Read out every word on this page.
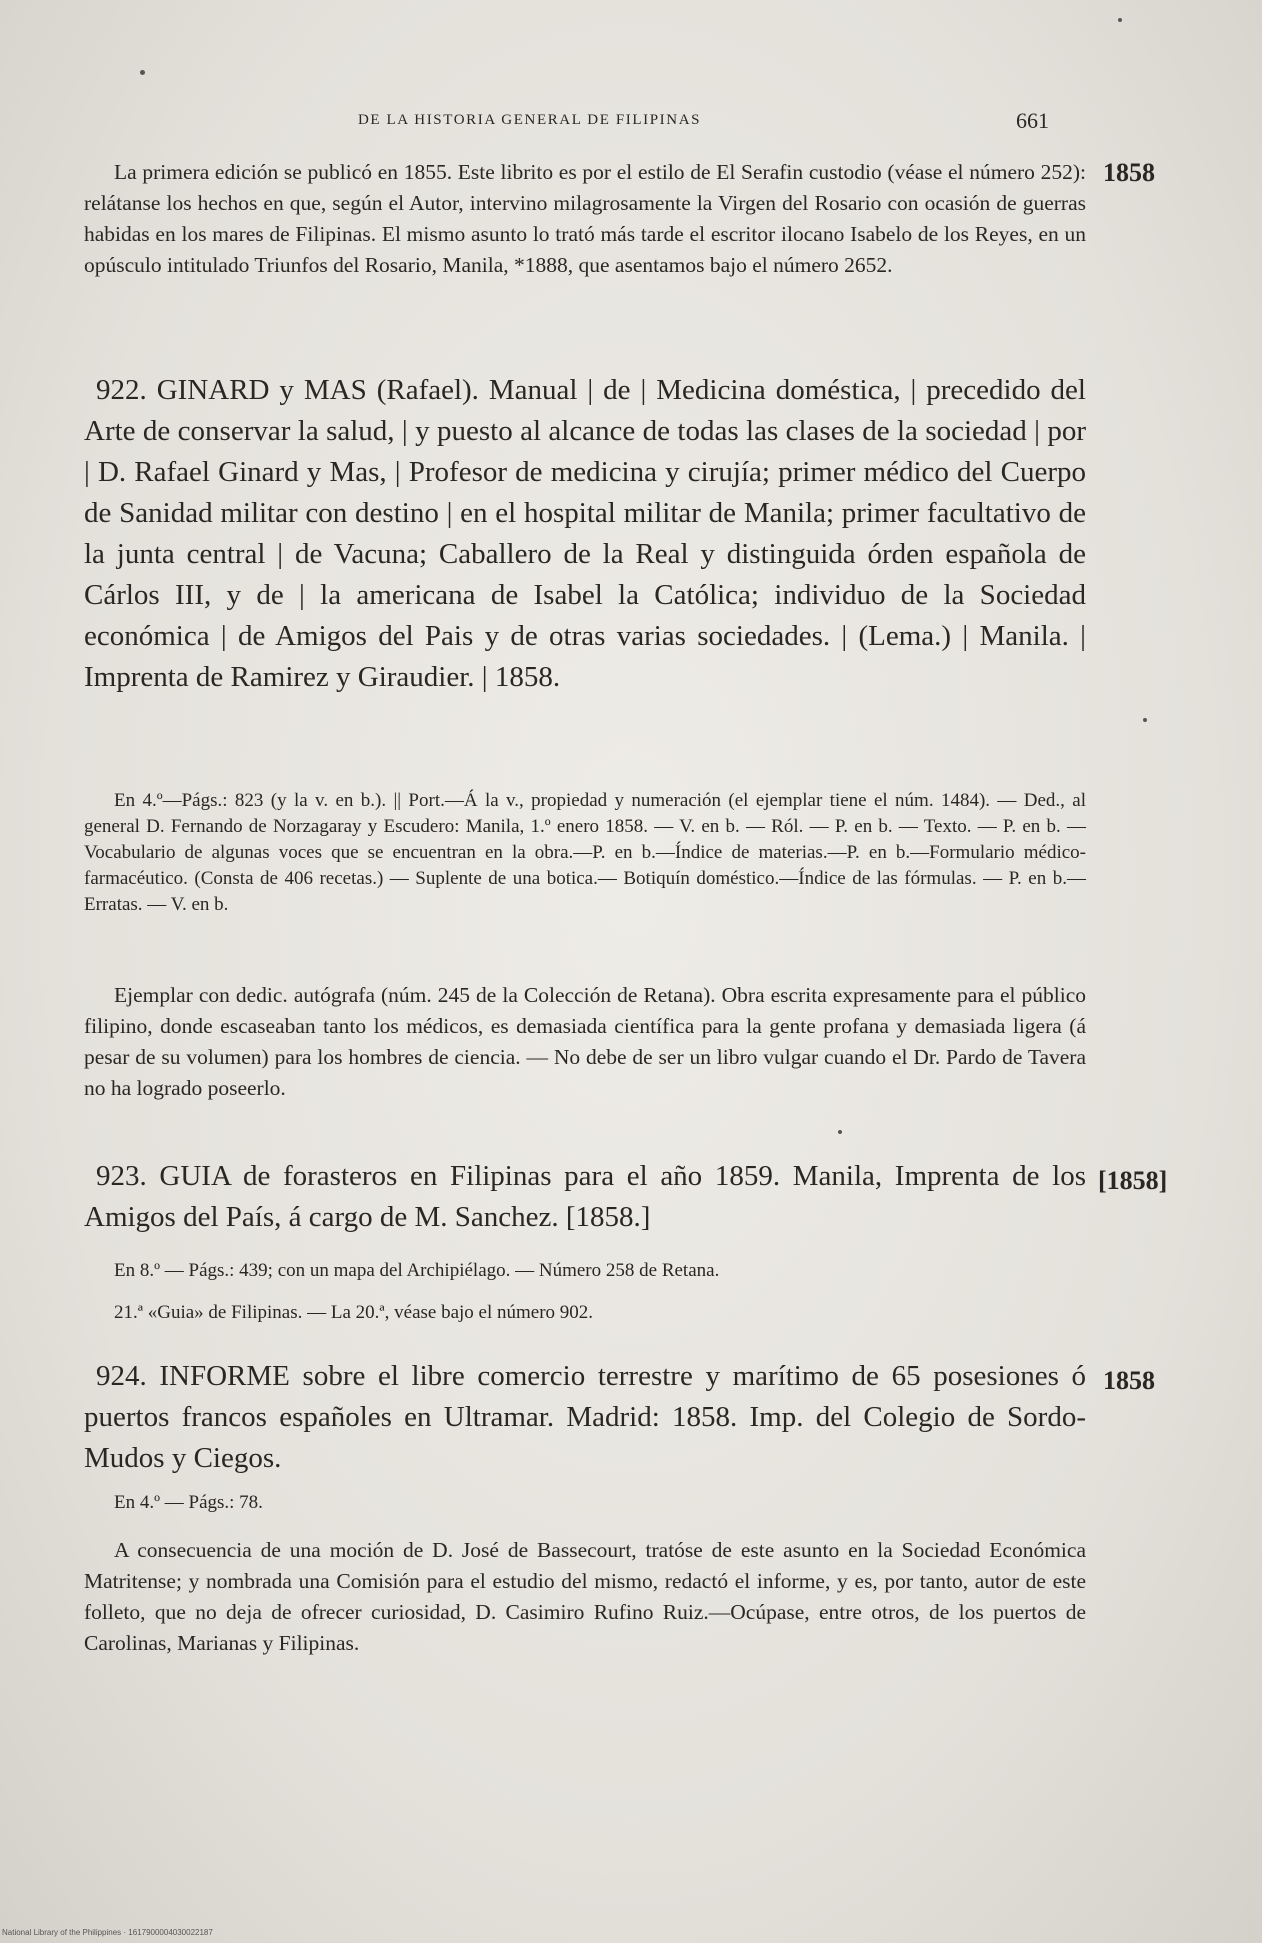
DE LA HISTORIA GENERAL DE FILIPINAS	661
La primera edición se publicó en 1855. Este librito es por el estilo de El Serafin custodio (véase el número 252): relátanse los hechos en que, según el Autor, intervino milagrosamente la Virgen del Rosario con ocasión de guerras habidas en los mares de Filipinas. El mismo asunto lo trató más tarde el escritor ilocano Isabelo de los Reyes, en un opúsculo intitulado Triunfos del Rosario, Manila, *1888, que asentamos bajo el número 2652.
1858
922. GINARD y MAS (Rafael). Manual | de | Medicina doméstica, | precedido del Arte de conservar la salud, | y puesto al alcance de todas las clases de la sociedad | por | D. Rafael Ginard y Mas, | Profesor de medicina y cirujía; primer médico del Cuerpo de Sanidad militar con destino | en el hospital militar de Manila; primer facultativo de la junta central | de Vacuna; Caballero de la Real y distinguida órden española de Cárlos III, y de | la americana de Isabel la Católica; individuo de la Sociedad económica | de Amigos del Pais y de otras varias sociedades. | (Lema.) | Manila. | Imprenta de Ramirez y Giraudier. | 1858.
En 4.º—Págs.: 823 (y la v. en b.). || Port.—Á la v., propiedad y numeración (el ejemplar tiene el núm. 1484). — Ded., al general D. Fernando de Norzagaray y Escudero: Manila, 1.º enero 1858. — V. en b. — Ról. — P. en b. — Texto. — P. en b. — Vocabulario de algunas voces que se encuentran en la obra.—P. en b.—Índice de materias.—P. en b.—Formulario médico-farmacéutico. (Consta de 406 recetas.) — Suplente de una botica.— Botiquín doméstico.—Índice de las fórmulas. — P. en b.—Erratas. — V. en b.
Ejemplar con dedic. autógrafa (núm. 245 de la Colección de Retana). Obra escrita expresamente para el público filipino, donde escaseaban tanto los médicos, es demasiada científica para la gente profana y demasiada ligera (á pesar de su volumen) para los hombres de ciencia. — No debe de ser un libro vulgar cuando el Dr. Pardo de Tavera no ha logrado poseerlo.
923. GUIA de forasteros en Filipinas para el año 1859. Manila, Imprenta de los Amigos del País, á cargo de M. Sanchez. [1858.]
[1858]
En 8.º — Págs.: 439; con un mapa del Archipiélago. — Número 258 de Retana.
21.ª «Guia» de Filipinas. — La 20.ª, véase bajo el número 902.
924. INFORME sobre el libre comercio terrestre y marítimo de 65 posesiones ó puertos francos españoles en Ultramar. Madrid: 1858. Imp. del Colegio de Sordo-Mudos y Ciegos.
1858
En 4.º — Págs.: 78.
A consecuencia de una moción de D. José de Bassecourt, tratóse de este asunto en la Sociedad Económica Matritense; y nombrada una Comisión para el estudio del mismo, redactó el informe, y es, por tanto, autor de este folleto, que no deja de ofrecer curiosidad, D. Casimiro Rufino Ruiz.—Ocúpase, entre otros, de los puertos de Carolinas, Marianas y Filipinas.
National Library of the Philippines · 1617900004030022187
